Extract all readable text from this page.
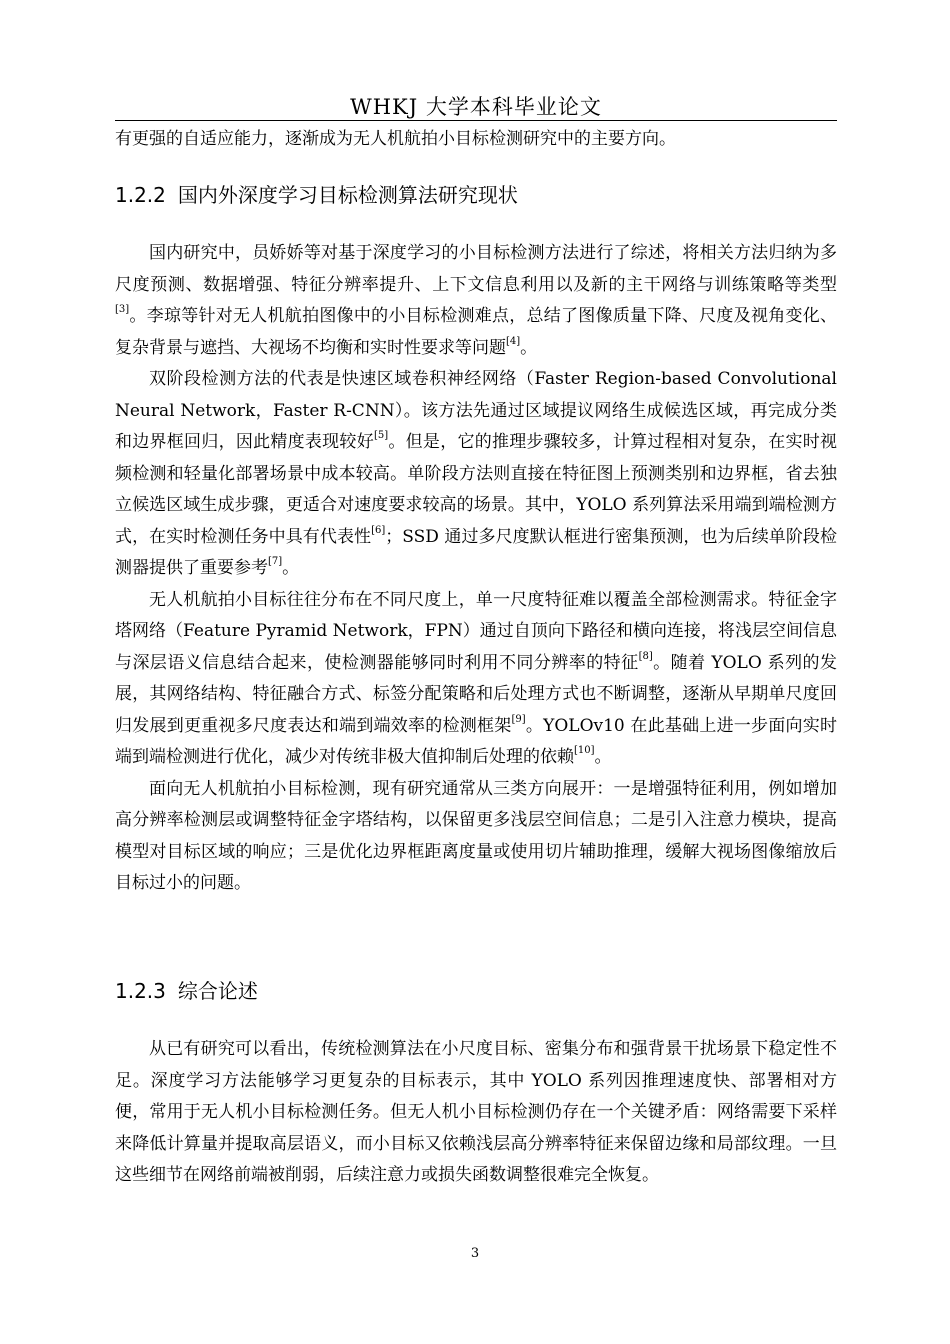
WHKJ 大学本科毕业论文
有更强的自适应能力，逐渐成为无人机航拍小目标检测研究中的主要方向。
1.2.2 国内外深度学习目标检测算法研究现状
国内研究中，员娇娇等对基于深度学习的小目标检测方法进行了综述，将相关方法归纳为多尺度预测、数据增强、特征分辨率提升、上下文信息利用以及新的主干网络与训练策略等类型[3]。李琼等针对无人机航拍图像中的小目标检测难点，总结了图像质量下降、尺度及视角变化、复杂背景与遮挡、大视场不均衡和实时性要求等问题[4]。
双阶段检测方法的代表是快速区域卷积神经网络（Faster Region-based Convolutional Neural Network，Faster R-CNN）。该方法先通过区域提议网络生成候选区域，再完成分类和边界框回归，因此精度表现较好[5]。但是，它的推理步骤较多，计算过程相对复杂，在实时视频检测和轻量化部署场景中成本较高。单阶段方法则直接在特征图上预测类别和边界框，省去独立候选区域生成步骤，更适合对速度要求较高的场景。其中，YOLO 系列算法采用端到端检测方式，在实时检测任务中具有代表性[6]；SSD 通过多尺度默认框进行密集预测，也为后续单阶段检测器提供了重要参考[7]。
无人机航拍小目标往往分布在不同尺度上，单一尺度特征难以覆盖全部检测需求。特征金字塔网络（Feature Pyramid Network，FPN）通过自顶向下路径和横向连接，将浅层空间信息与深层语义信息结合起来，使检测器能够同时利用不同分辨率的特征[8]。随着 YOLO 系列的发展，其网络结构、特征融合方式、标签分配策略和后处理方式也不断调整，逐渐从早期单尺度回归发展到更重视多尺度表达和端到端效率的检测框架[9]。YOLOv10 在此基础上进一步面向实时端到端检测进行优化，减少对传统非极大值抑制后处理的依赖[10]。
面向无人机航拍小目标检测，现有研究通常从三类方向展开：一是增强特征利用，例如增加高分辨率检测层或调整特征金字塔结构，以保留更多浅层空间信息；二是引入注意力模块，提高模型对目标区域的响应；三是优化边界框距离度量或使用切片辅助推理，缓解大视场图像缩放后目标过小的问题。
1.2.3 综合论述
从已有研究可以看出，传统检测算法在小尺度目标、密集分布和强背景干扰场景下稳定性不足。深度学习方法能够学习更复杂的目标表示，其中 YOLO 系列因推理速度快、部署相对方便，常用于无人机小目标检测任务。但无人机小目标检测仍存在一个关键矛盾：网络需要下采样来降低计算量并提取高层语义，而小目标又依赖浅层高分辨率特征来保留边缘和局部纹理。一旦这些细节在网络前端被削弱，后续注意力或损失函数调整很难完全恢复。
3
